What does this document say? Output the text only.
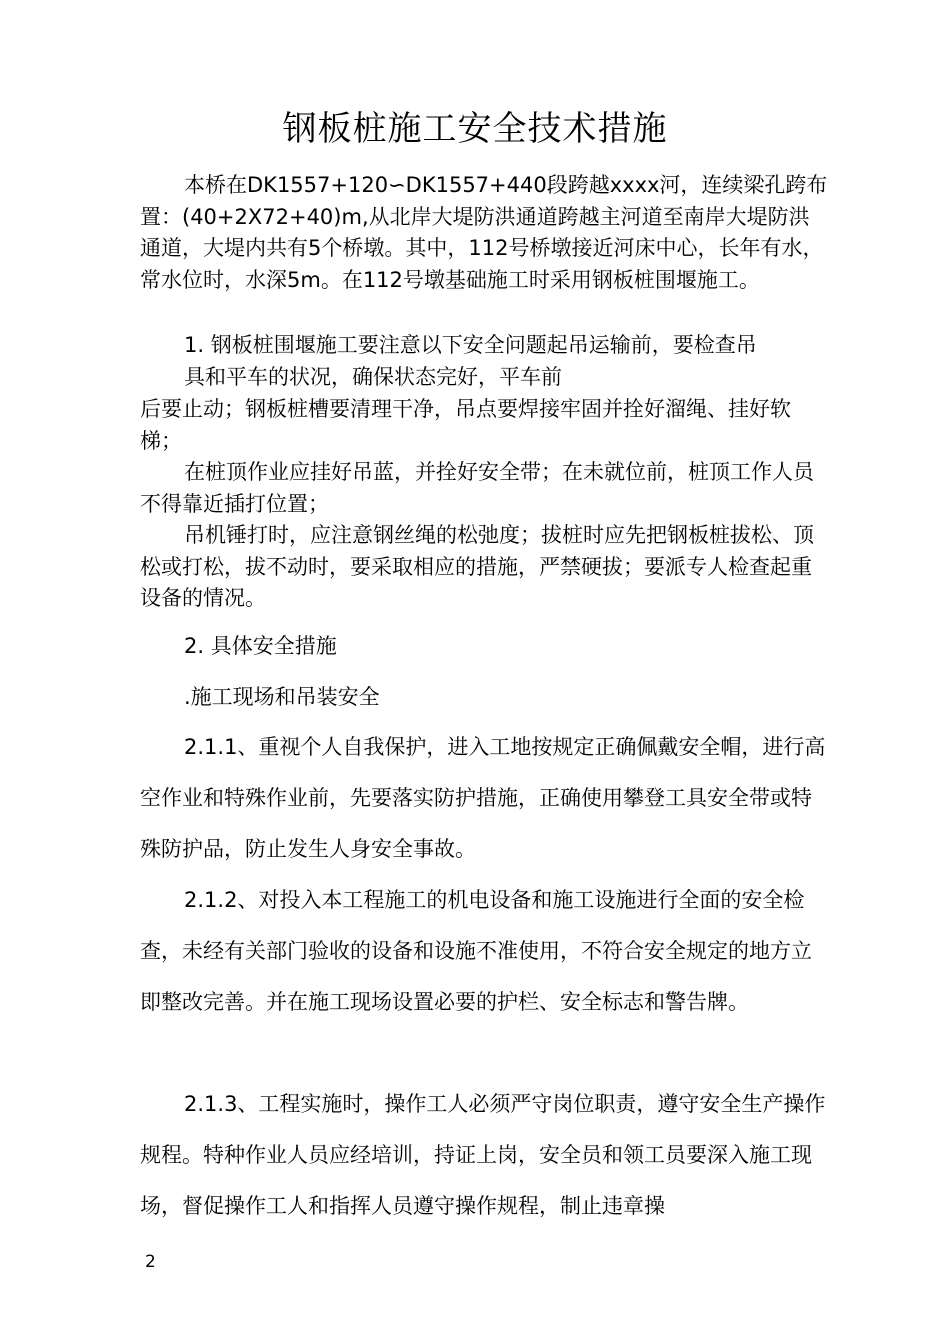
钢板桩施工安全技术措施

本桥在DK1557+120∽DK1557+440段跨越xxxx河，连续梁孔跨布置：(40+2X72+40)m,从北岸大堤防洪通道跨越主河道至南岸大堤防洪通道，大堤内共有5个桥墩。其中，112号桥墩接近河床中心，长年有水，常水位时，水深5m。在112号墩基础施工时采用钢板桩围堰施工。

1. 钢板桩围堰施工要注意以下安全问题起吊运输前，要检查吊

具和平车的状况，确保状态完好，平车前

后要止动；钢板桩槽要清理干净，吊点要焊接牢固并拴好溜绳、挂好软梯；

在桩顶作业应挂好吊蓝，并拴好安全带；在未就位前，桩顶工作人员不得靠近插打位置；

吊机锤打时，应注意钢丝绳的松弛度；拔桩时应先把钢板桩拔松、顶松或打松，拔不动时，要采取相应的措施，严禁硬拔；要派专人检查起重设备的情况。

2. 具体安全措施

.施工现场和吊装安全

2.1.1、重视个人自我保护，进入工地按规定正确佩戴安全帽，进行高空作业和特殊作业前，先要落实防护措施，正确使用攀登工具安全带或特殊防护品，防止发生人身安全事故。

2.1.2、对投入本工程施工的机电设备和施工设施进行全面的安全检查，未经有关部门验收的设备和设施不准使用，不符合安全规定的地方立即整改完善。并在施工现场设置必要的护栏、安全标志和警告牌。

2.1.3、工程实施时，操作工人必须严守岗位职责，遵守安全生产操作规程。特种作业人员应经培训，持证上岗，安全员和领工员要深入施工现场，督促操作工人和指挥人员遵守操作规程，制止违章操

2
